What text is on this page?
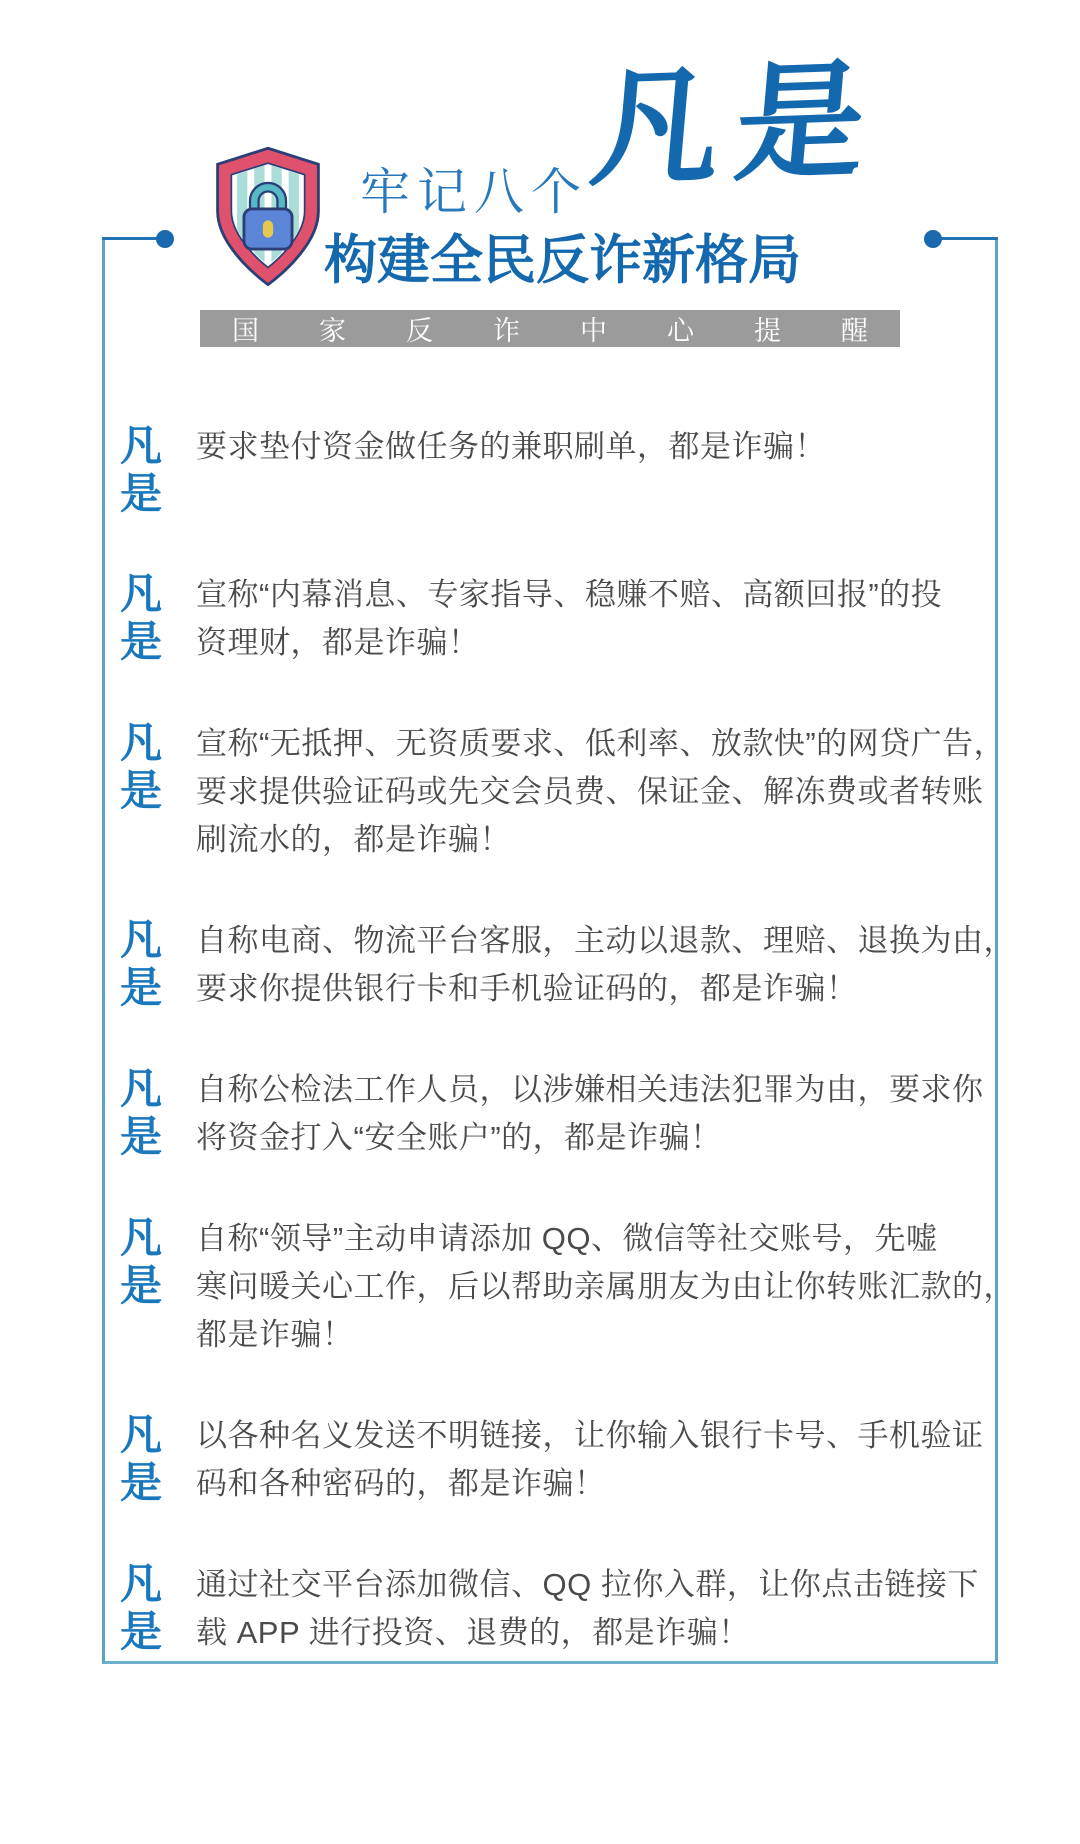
牢记八个
凡是
构建全民反诈新格局
国 家 反 诈 中 心 提 醒
凡是
要求垫付资金做任务的兼职刷单，都是诈骗！
凡是
宣称“内幕消息、专家指导、稳赚不赔、高额回报”的投
资理财，都是诈骗！
凡是
宣称“无抵押、无资质要求、低利率、放款快”的网贷广告，
要求提供验证码或先交会员费、保证金、解冻费或者转账
刷流水的，都是诈骗！
凡是
自称电商、物流平台客服，主动以退款、理赔、退换为由，
要求你提供银行卡和手机验证码的，都是诈骗！
凡是
自称公检法工作人员，以涉嫌相关违法犯罪为由，要求你
将资金打入“安全账户”的，都是诈骗！
凡是
自称“领导”主动申请添加 QQ、微信等社交账号，先嘘
寒问暖关心工作，后以帮助亲属朋友为由让你转账汇款的，
都是诈骗！
凡是
以各种名义发送不明链接，让你输入银行卡号、手机验证
码和各种密码的，都是诈骗！
凡是
通过社交平台添加微信、QQ 拉你入群，让你点击链接下
载 APP 进行投资、退费的，都是诈骗！
